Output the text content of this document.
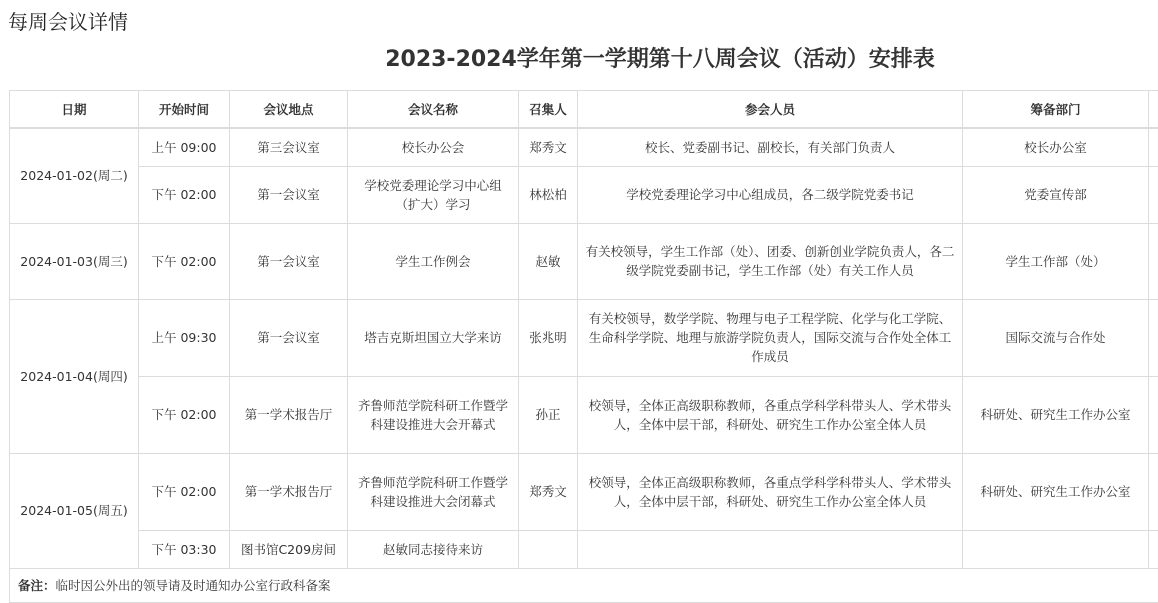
每周会议详情
2023-2024学年第一学期第十八周会议（活动）安排表
日期	开始时间	会议地点	会议名称	召集人	参会人员	筹备部门	
2024-01-02(周二)	上午 09:00	第三会议室	校长办公会	郑秀文	校长、党委副书记、副校长，有关部门负责人	校长办公室	
	下午 02:00	第一会议室	学校党委理论学习中心组（扩大）学习	林松柏	学校党委理论学习中心组成员，各二级学院党委书记	党委宣传部	
2024-01-03(周三)	下午 02:00	第一会议室	学生工作例会	赵敏	有关校领导，学生工作部（处）、团委、创新创业学院负责人，各二级学院党委副书记，学生工作部（处）有关工作人员	学生工作部（处）	
2024-01-04(周四)	上午 09:30	第一会议室	塔吉克斯坦国立大学来访	张兆明	有关校领导，数学学院、物理与电子工程学院、化学与化工学院、生命科学学院、地理与旅游学院负责人，国际交流与合作处全体工作成员	国际交流与合作处	
	下午 02:00	第一学术报告厅	齐鲁师范学院科研工作暨学科建设推进大会开幕式	孙正	校领导，全体正高级职称教师，各重点学科学科带头人、学术带头人，全体中层干部，科研处、研究生工作办公室全体人员	科研处、研究生工作办公室	
2024-01-05(周五)	下午 02:00	第一学术报告厅	齐鲁师范学院科研工作暨学科建设推进大会闭幕式	郑秀文	校领导，全体正高级职称教师，各重点学科学科带头人、学术带头人，全体中层干部，科研处、研究生工作办公室全体人员	科研处、研究生工作办公室	
	下午 03:30	图书馆C209房间	赵敏同志接待来访				
备注：临时因公外出的领导请及时通知办公室行政科备案							
